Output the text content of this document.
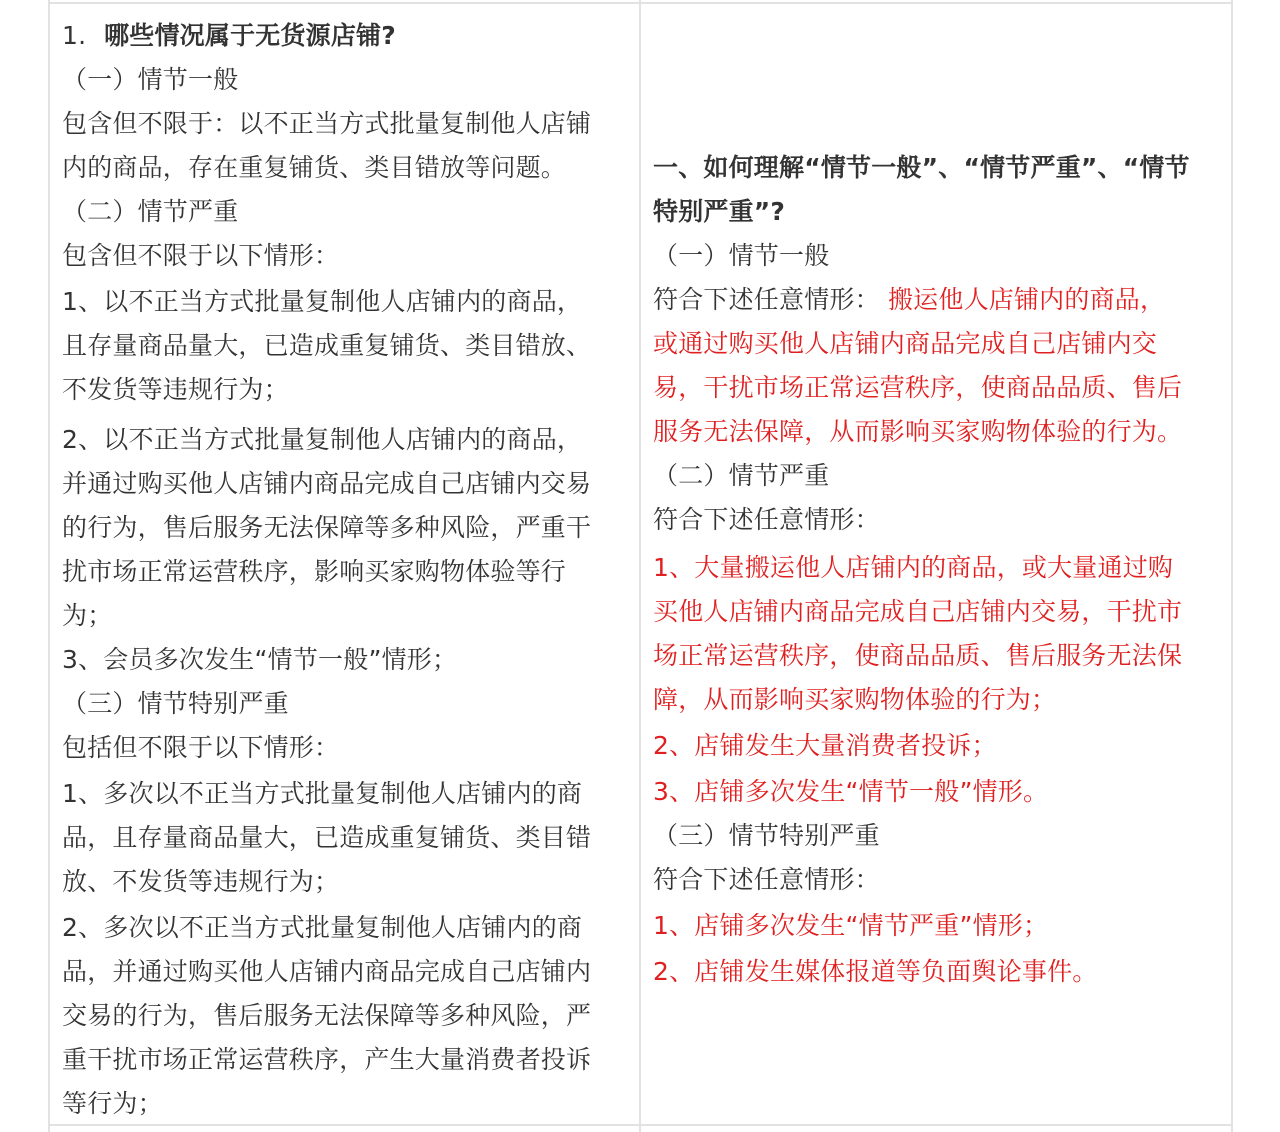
1. 哪些情况属于无货源店铺?
（一）情节一般
包含但不限于：以不正当方式批量复制他人店铺
内的商品，存在重复铺货、类目错放等问题。
（二）情节严重
包含但不限于以下情形：
1、以不正当方式批量复制他人店铺内的商品，
且存量商品量大，已造成重复铺货、类目错放、
不发货等违规行为；
2、以不正当方式批量复制他人店铺内的商品，
并通过购买他人店铺内商品完成自己店铺内交易
的行为，售后服务无法保障等多种风险，严重干
扰市场正常运营秩序，影响买家购物体验等行
为；
3、会员多次发生“情节一般”情形；
（三）情节特别严重
包括但不限于以下情形：
1、多次以不正当方式批量复制他人店铺内的商
品，且存量商品量大，已造成重复铺货、类目错
放、不发货等违规行为；
2、多次以不正当方式批量复制他人店铺内的商
品，并通过购买他人店铺内商品完成自己店铺内
交易的行为，售后服务无法保障等多种风险，严
重干扰市场正常运营秩序，产生大量消费者投诉
等行为；
一、如何理解“情节一般”、“情节严重”、“情节
特别严重”?
（一）情节一般
符合下述任意情形： 搬运他人店铺内的商品，
或通过购买他人店铺内商品完成自己店铺内交
易，干扰市场正常运营秩序，使商品品质、售后
服务无法保障，从而影响买家购物体验的行为。
（二）情节严重
符合下述任意情形：
1、大量搬运他人店铺内的商品，或大量通过购
买他人店铺内商品完成自己店铺内交易，干扰市
场正常运营秩序，使商品品质、售后服务无法保
障，从而影响买家购物体验的行为；
2、店铺发生大量消费者投诉；
3、店铺多次发生“情节一般”情形。
（三）情节特别严重
符合下述任意情形：
1、店铺多次发生“情节严重”情形；
2、店铺发生媒体报道等负面舆论事件。
